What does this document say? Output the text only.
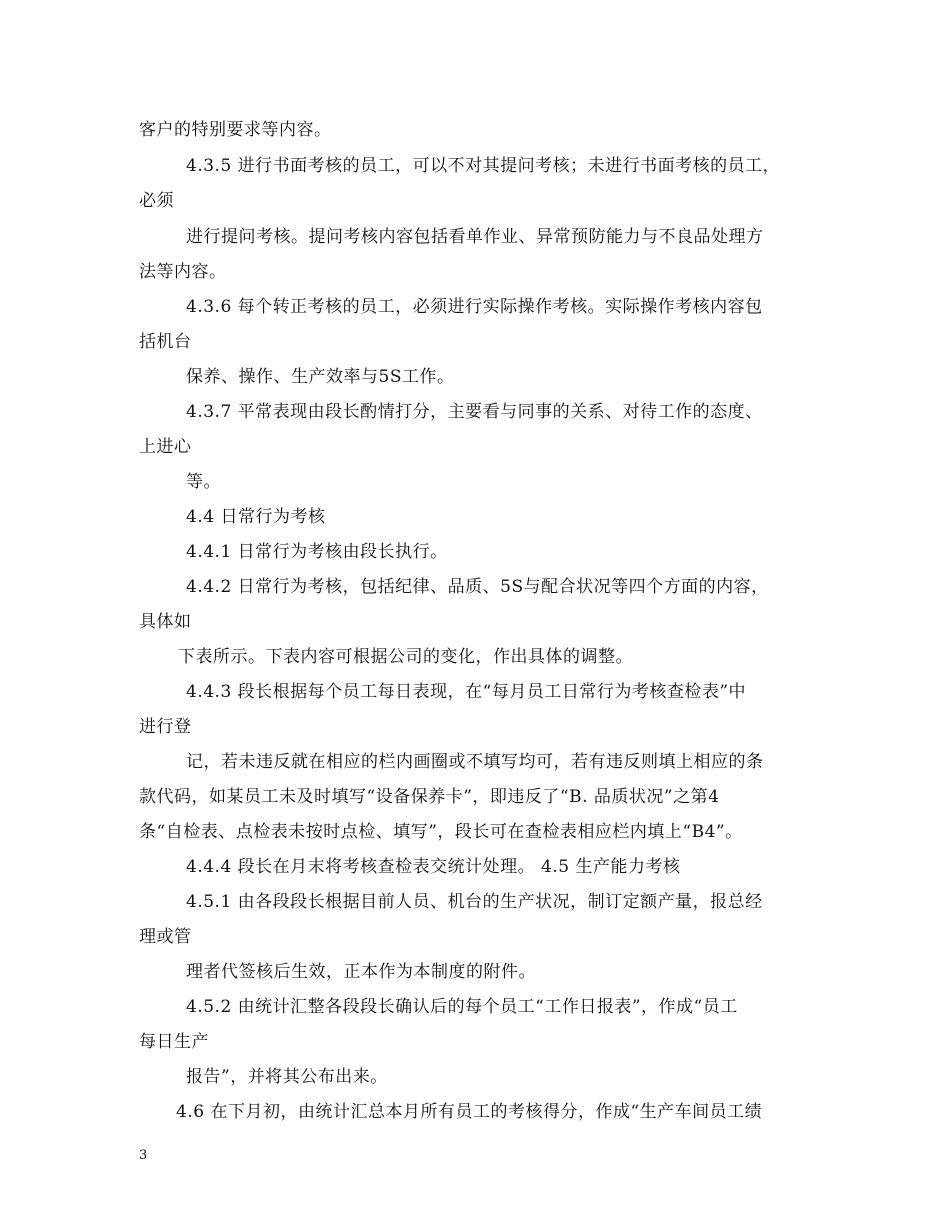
客户的特别要求等内容。
4.3.5 进行书面考核的员工，可以不对其提问考核；未进行书面考核的员工，
必须
进行提问考核。提问考核内容包括看单作业、异常预防能力与不良品处理方
法等内容。
4.3.6 每个转正考核的员工，必须进行实际操作考核。实际操作考核内容包
括机台
保养、操作、生产效率与5S工作。
4.3.7 平常表现由段长酌情打分，主要看与同事的关系、对待工作的态度、
上进心
等。
4.4 日常行为考核
4.4.1 日常行为考核由段长执行。
4.4.2 日常行为考核，包括纪律、品质、5S与配合状况等四个方面的内容，
具体如
下表所示。下表内容可根据公司的变化，作出具体的调整。
4.4.3 段长根据每个员工每日表现，在“每月员工日常行为考核查检表”中
进行登
记，若未违反就在相应的栏内画圈或不填写均可，若有违反则填上相应的条
款代码，如某员工未及时填写“设备保养卡”，即违反了“B. 品质状况”之第4
条“自检表、点检表未按时点检、填写”，段长可在查检表相应栏内填上“B4”。
4.4.4 段长在月末将考核查检表交统计处理。 4.5 生产能力考核
4.5.1 由各段段长根据目前人员、机台的生产状况，制订定额产量，报总经
理或管
理者代签核后生效，正本作为本制度的附件。
4.5.2 由统计汇整各段段长确认后的每个员工“工作日报表”，作成“员工
每日生产
报告”，并将其公布出来。
4.6 在下月初，由统计汇总本月所有员工的考核得分，作成“生产车间员工绩
3
